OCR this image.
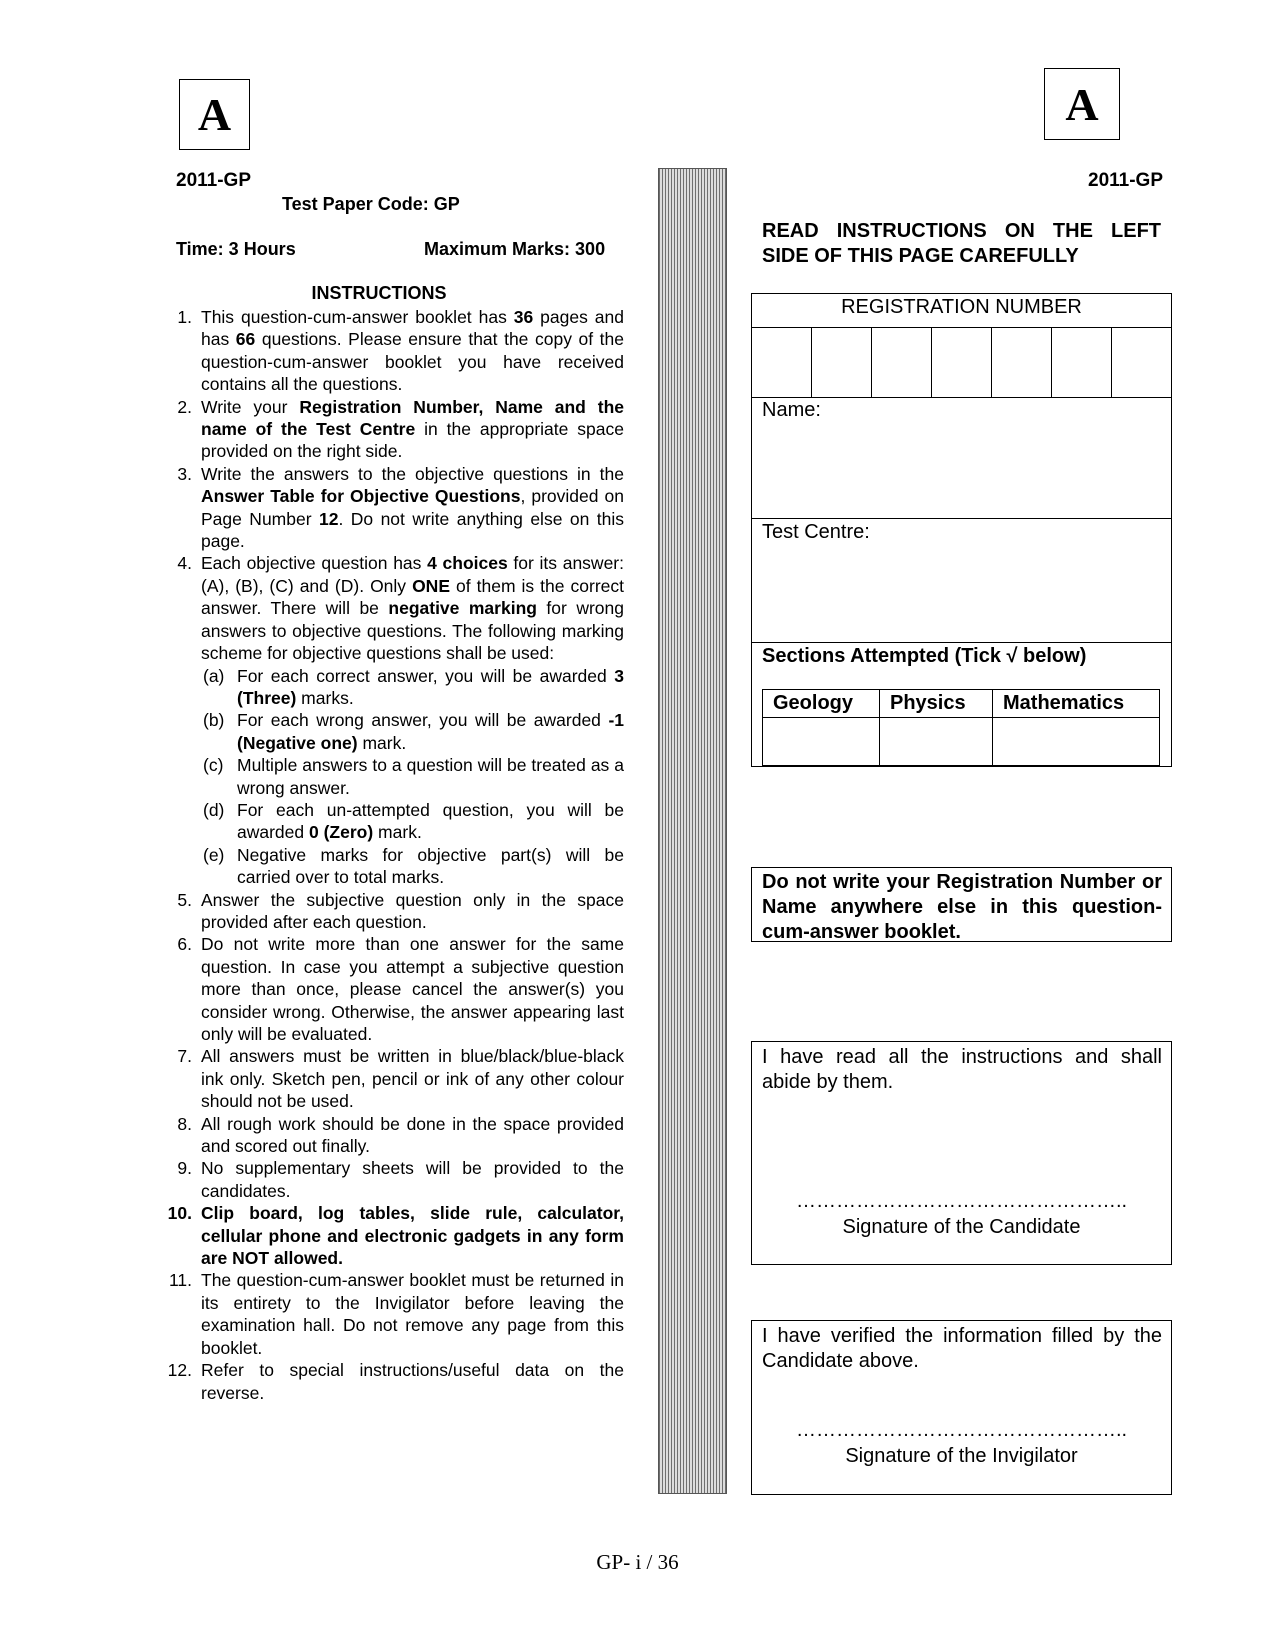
A
2011-GP
Test Paper Code: GP
Time: 3 Hours	Maximum Marks: 300
INSTRUCTIONS
1. This question-cum-answer booklet has 36 pages and has 66 questions. Please ensure that the copy of the question-cum-answer booklet you have received contains all the questions.
2. Write your Registration Number, Name and the name of the Test Centre in the appropriate space provided on the right side.
3. Write the answers to the objective questions in the Answer Table for Objective Questions, provided on Page Number 12. Do not write anything else on this page.
4. Each objective question has 4 choices for its answer: (A), (B), (C) and (D). Only ONE of them is the correct answer. There will be negative marking for wrong answers to objective questions. The following marking scheme for objective questions shall be used:
(a) For each correct answer, you will be awarded 3 (Three) marks.
(b) For each wrong answer, you will be awarded -1 (Negative one) mark.
(c) Multiple answers to a question will be treated as a wrong answer.
(d) For each un-attempted question, you will be awarded 0 (Zero) mark.
(e) Negative marks for objective part(s) will be carried over to total marks.
5. Answer the subjective question only in the space provided after each question.
6. Do not write more than one answer for the same question. In case you attempt a subjective question more than once, please cancel the answer(s) you consider wrong. Otherwise, the answer appearing last only will be evaluated.
7. All answers must be written in blue/black/blue-black ink only. Sketch pen, pencil or ink of any other colour should not be used.
8. All rough work should be done in the space provided and scored out finally.
9. No supplementary sheets will be provided to the candidates.
10. Clip board, log tables, slide rule, calculator, cellular phone and electronic gadgets in any form are NOT allowed.
11. The question-cum-answer booklet must be returned in its entirety to the Invigilator before leaving the examination hall. Do not remove any page from this booklet.
12. Refer to special instructions/useful data on the reverse.
A
2011-GP
READ INSTRUCTIONS ON THE LEFT SIDE OF THIS PAGE CAREFULLY
REGISTRATION NUMBER
Name:
Test Centre:
Sections Attempted (Tick √ below)
Geology	Physics	Mathematics

Do not write your Registration Number or Name anywhere else in this question-cum-answer booklet.
I have read all the instructions and shall abide by them.
…………………………………………..
Signature of the Candidate
I have verified the information filled by the Candidate above.
…………………………………………..
Signature of the Invigilator
GP- i / 36
